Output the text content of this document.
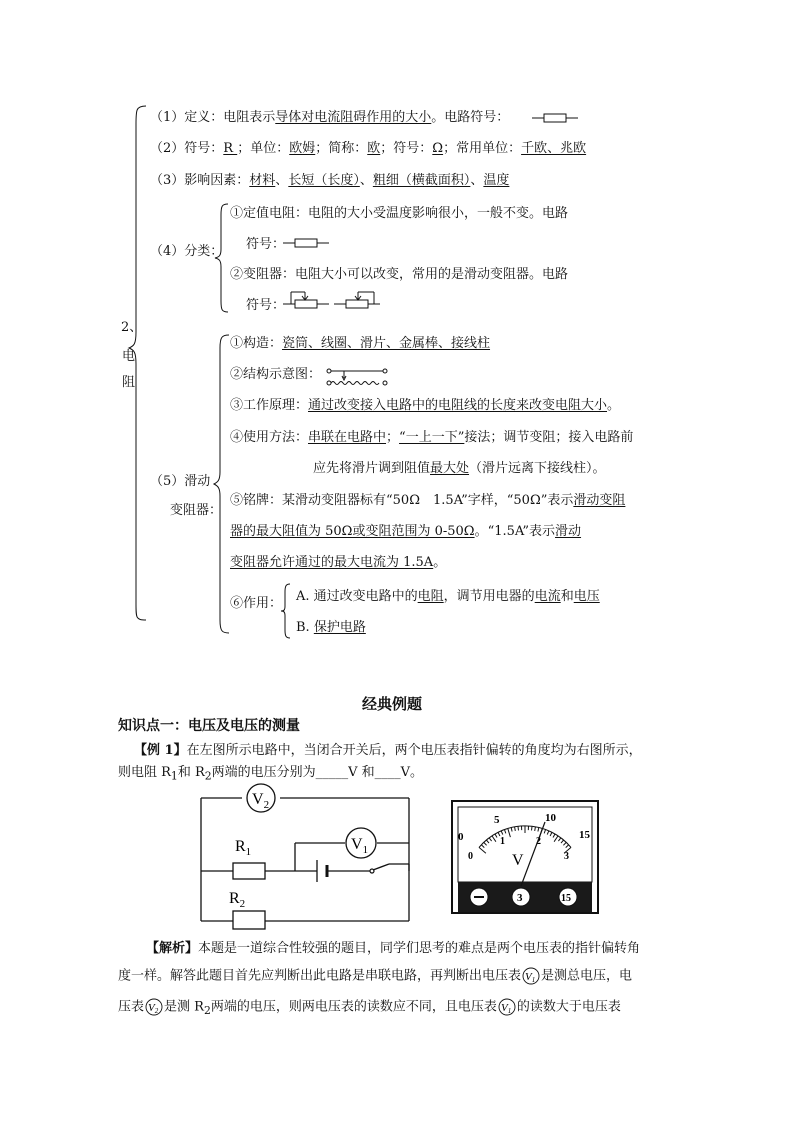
2、
电
阻
（1）定义：电阻表示导体对电流阻碍作用的大小。电路符号：
（2）符号：R ；单位：欧姆；简称：欧；符号：Ω；常用单位：千欧、兆欧
（3）影响因素：材料、长短（长度）、粗细（横截面积）、温度
（4）分类：
①定值电阻：电阻的大小受温度影响很小，一般不变。电路
符号：
②变阻器：电阻大小可以改变，常用的是滑动变阻器。电路
符号：
（5）滑动
变阻器：
①构造：瓷筒、线圈、滑片、金属棒、接线柱
②结构示意图：
③工作原理：通过改变接入电路中的电阻线的长度来改变电阻大小。
④使用方法：串联在电路中；“一上一下”接法；调节变阻；接入电路前
应先将滑片调到阻值最大处（滑片远离下接线柱）。
⑤铭牌：某滑动变阻器标有“50Ω　1.5A”字样，“50Ω”表示滑动变阻
器的最大阻值为 50Ω或变阻范围为 0-50Ω。“1.5A”表示滑动
变阻器允许通过的最大电流为 1.5A。
⑥作用： A. 通过改变电路中的电阻，调节用电器的电流和电压
B. 保护电路
经典例题
知识点一：电压及电压的测量
【例 1】在左图所示电路中，当闭合开关后，两个电压表指针偏转的角度均为右图所示，
则电阻 $R_1$和 $R_2$两端的电压分别为_____V 和____V。
$V_2$
$V_1$
$R_1$
$R_2$
0
5	10
15
0
1	2
3
V
3	15
【解析】本题是一道综合性较强的题目，同学们思考的难点是两个电压表的指针偏转角
度一样。解答此题目首先应判断出此电路是串联电路，再判断出电压表 V1 是测总电压，电
压表 V2 是测 $R_2$两端的电压，则两电压表的读数应不同，且电压表 V1 的读数大于电压表
